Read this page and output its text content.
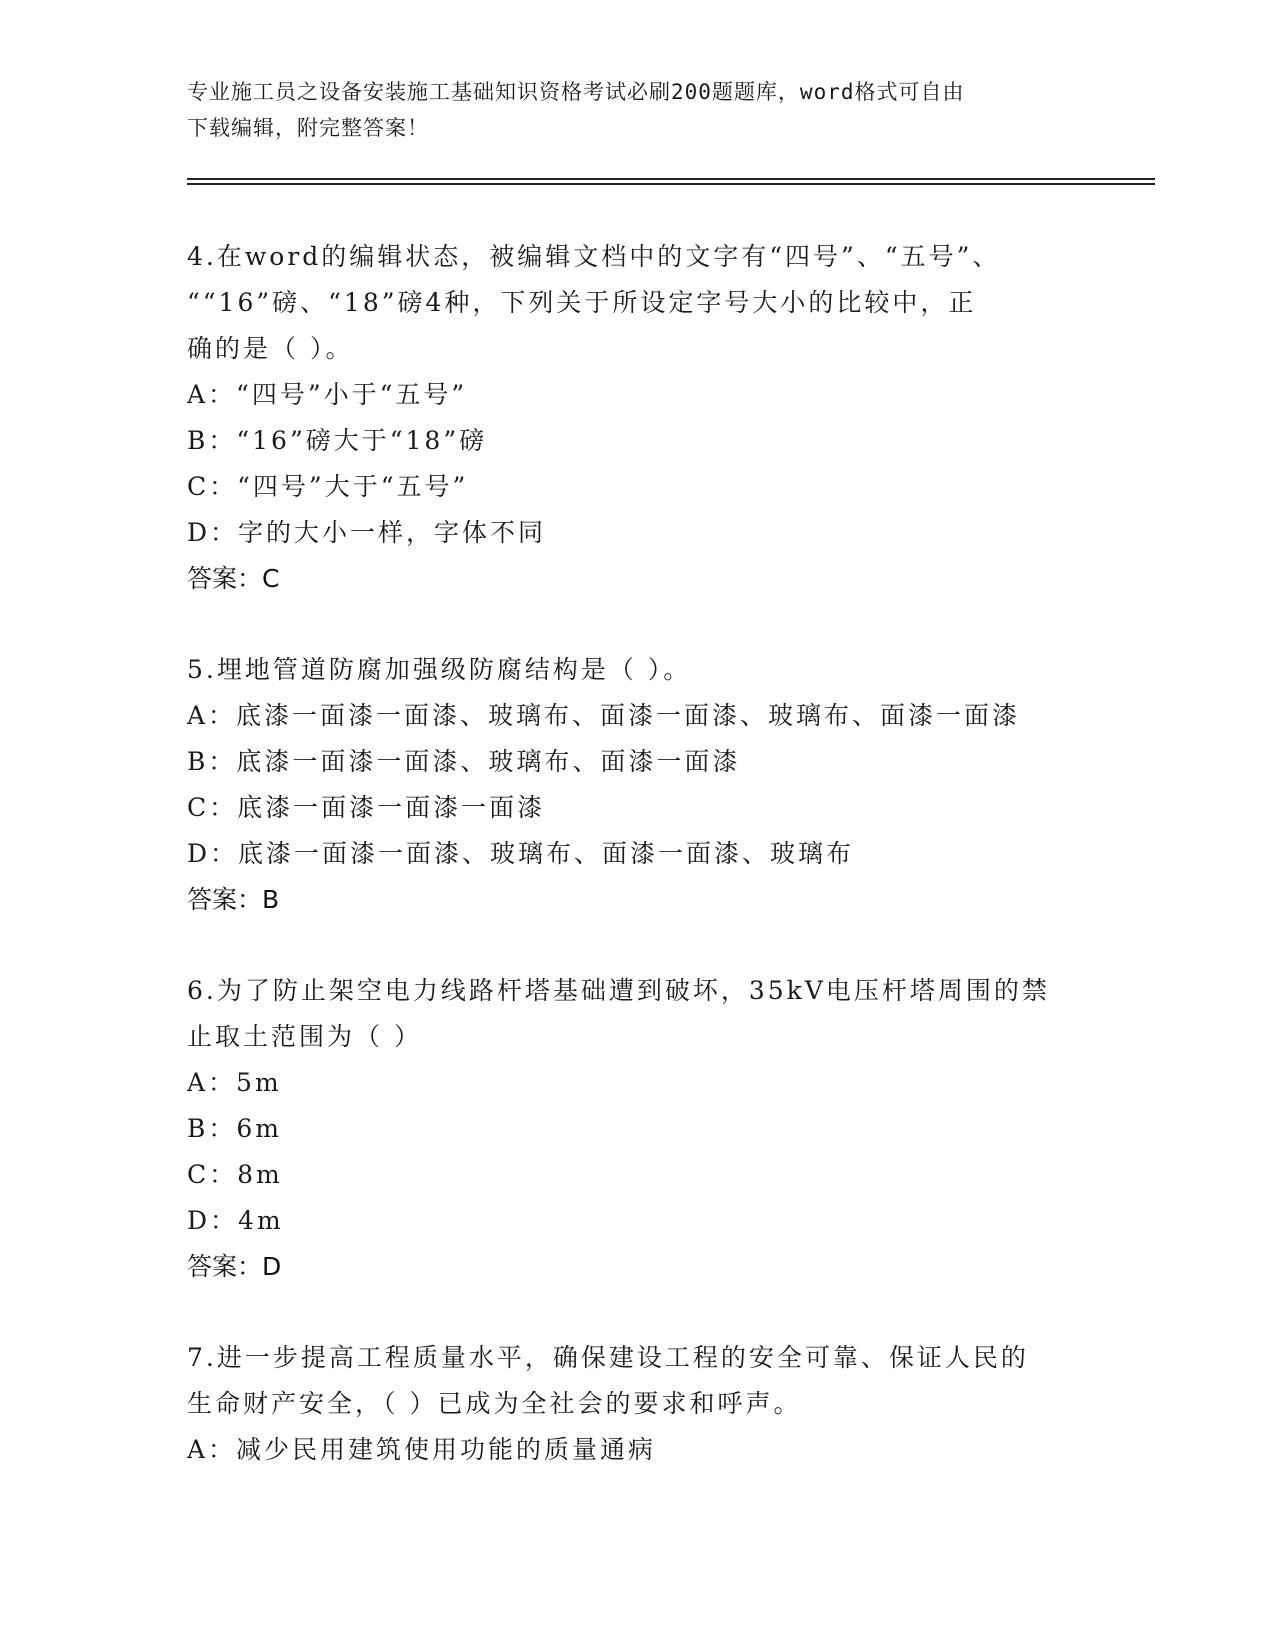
专业施工员之设备安装施工基础知识资格考试必刷200题题库，word格式可自由
下载编辑，附完整答案！
4.在word的编辑状态，被编辑文档中的文字有“四号”、“五号”、
““16”磅、“18”磅4种，下列关于所设定字号大小的比较中，正
确的是（ ）。
A：“四号”小于“五号”
B：“16”磅大于“18”磅
C：“四号”大于“五号”
D：字的大小一样，字体不同
答案：C
5.埋地管道防腐加强级防腐结构是（ ）。
A：底漆一面漆一面漆、玻璃布、面漆一面漆、玻璃布、面漆一面漆
B：底漆一面漆一面漆、玻璃布、面漆一面漆
C：底漆一面漆一面漆一面漆
D：底漆一面漆一面漆、玻璃布、面漆一面漆、玻璃布
答案：B
6.为了防止架空电力线路杆塔基础遭到破坏，35kV电压杆塔周围的禁
止取土范围为（ ）
A：5m
B：6m
C：8m
D：4m
答案：D
7.进一步提高工程质量水平，确保建设工程的安全可靠、保证人民的
生命财产安全，（ ）已成为全社会的要求和呼声。
A：减少民用建筑使用功能的质量通病
